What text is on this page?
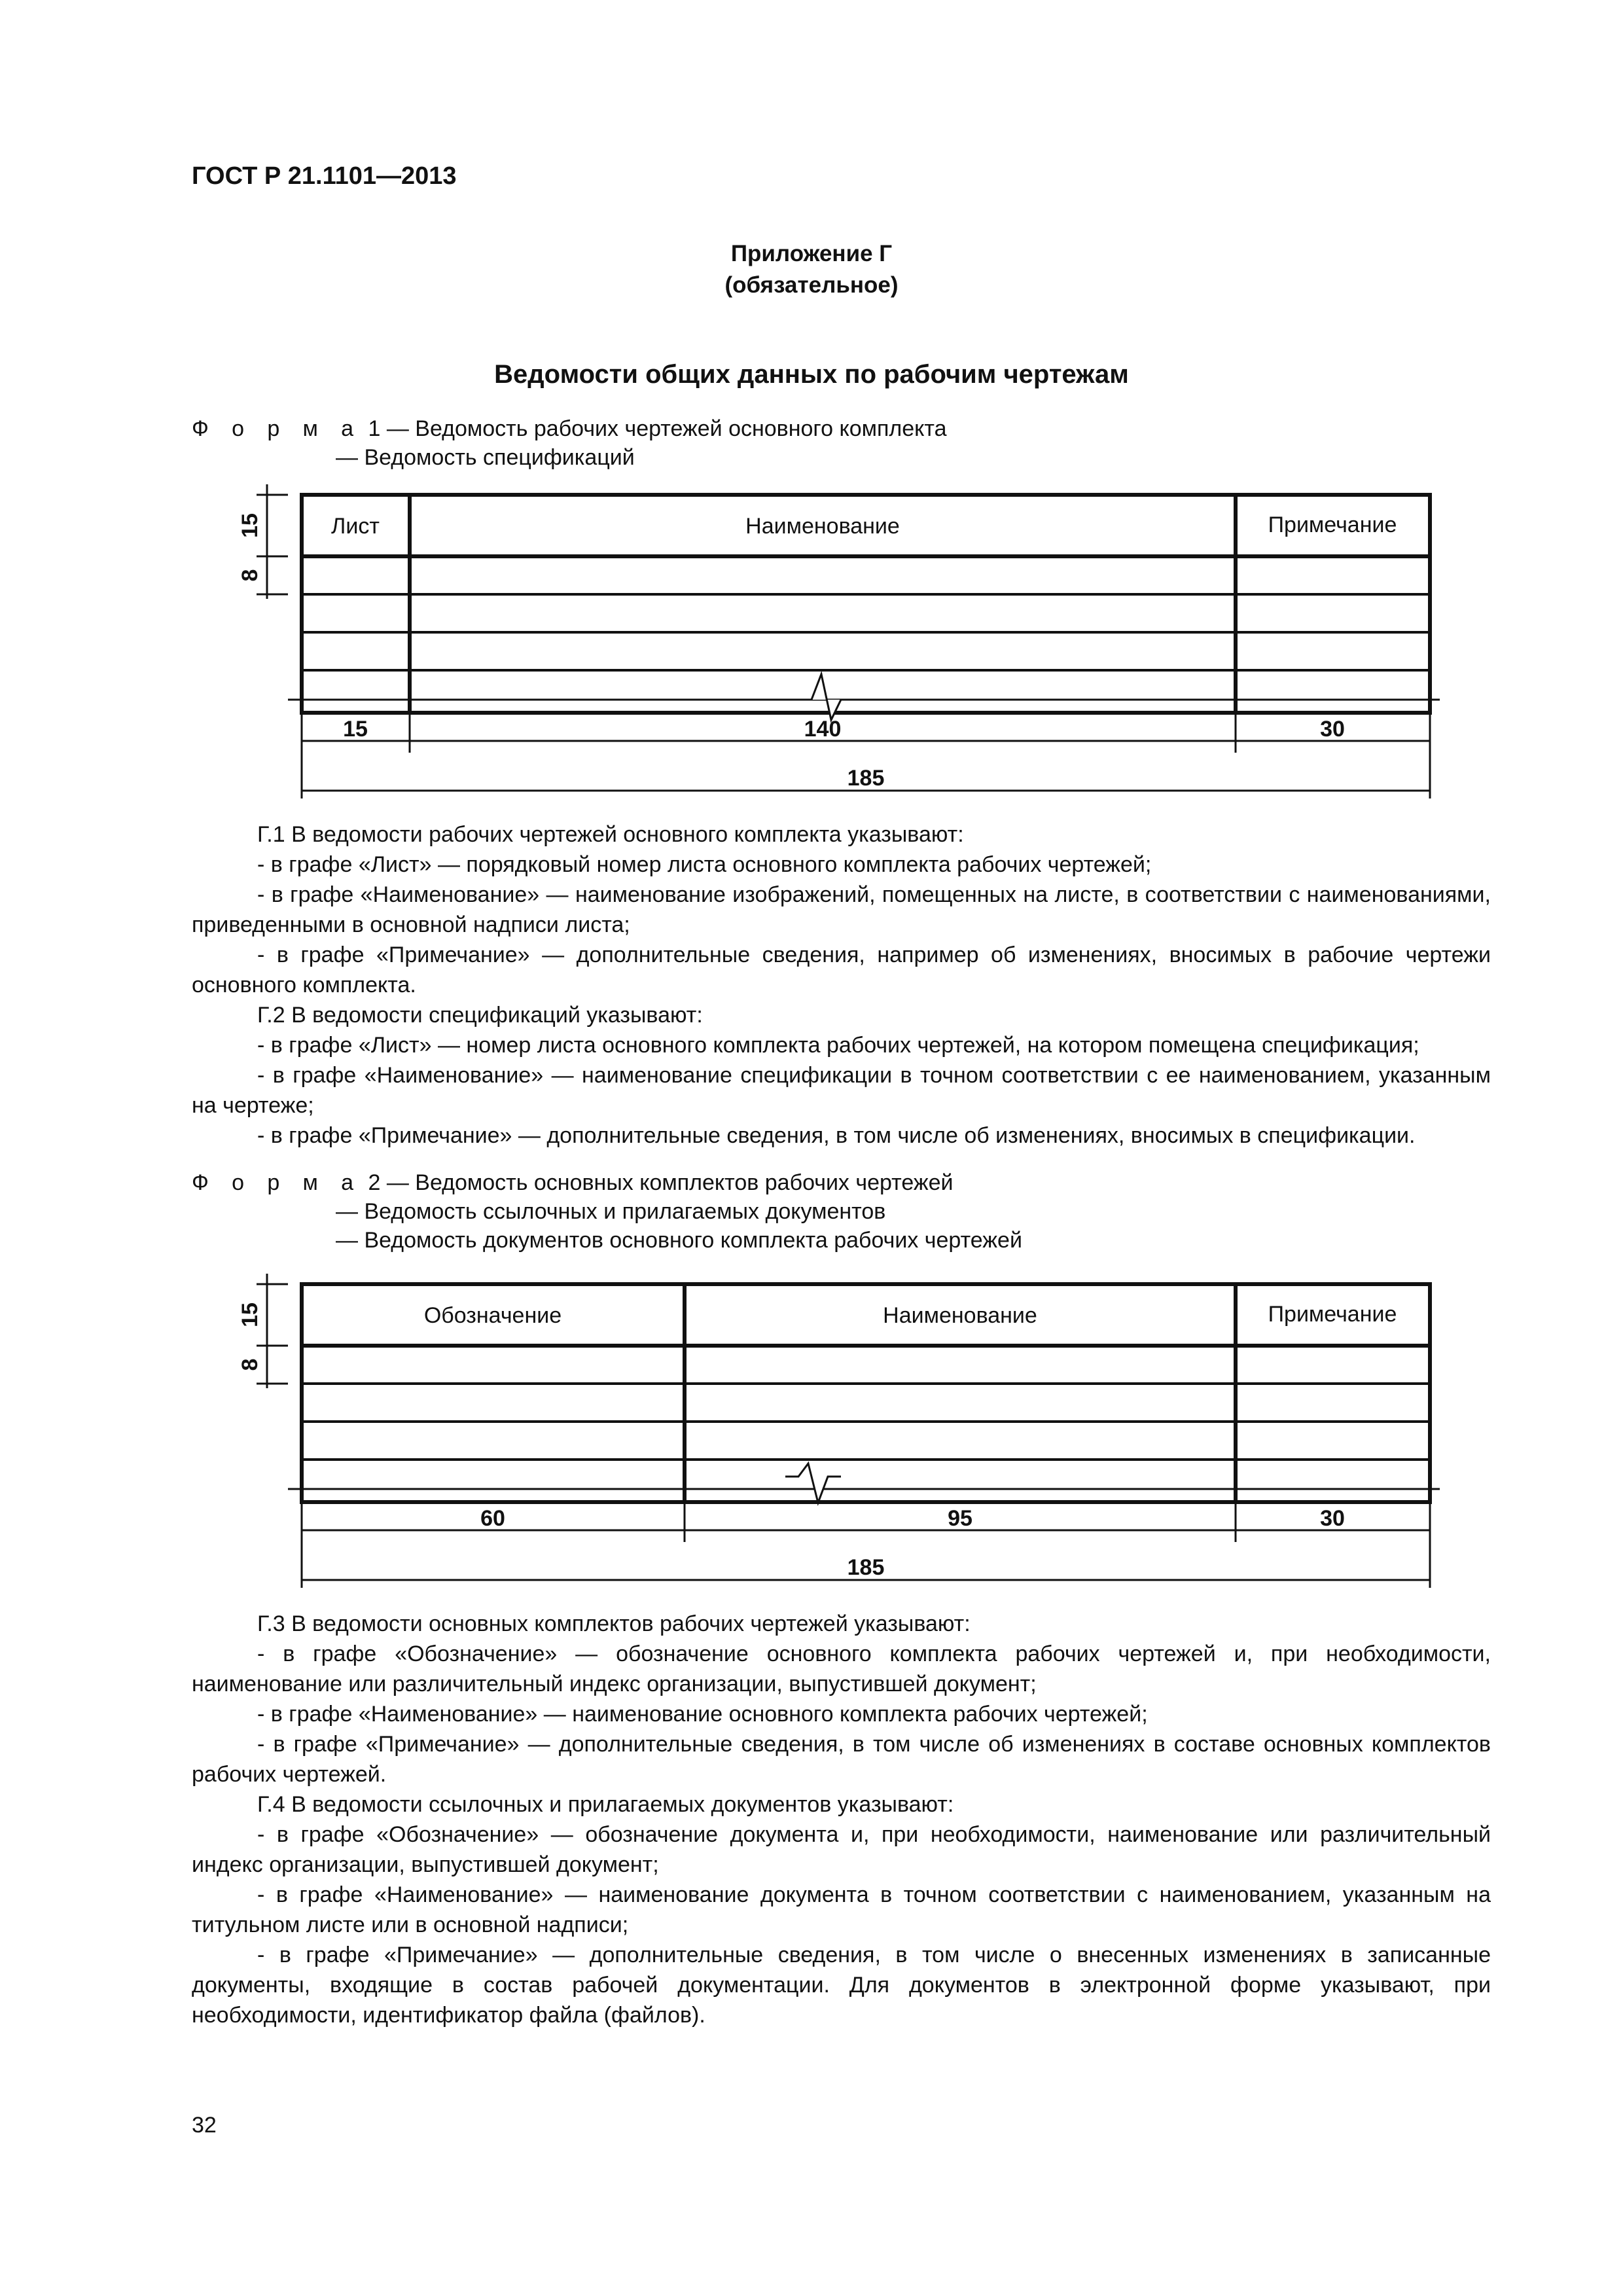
ГОСТ Р 21.1101—2013
Приложение Г
(обязательное)
Ведомости общих данных по рабочим чертежам
Ф о р м а 1 — Ведомость рабочих чертежей основного комплекта
— Ведомость спецификаций
Лист	Наименование	Примечание
15	140	30
185
15
8
Г.1 В ведомости рабочих чертежей основного комплекта указывают:
- в графе «Лист» — порядковый номер листа основного комплекта рабочих чертежей;
- в графе «Наименование» — наименование изображений, помещенных на листе, в соответствии с наименованиями, приведенными в основной надписи листа;
- в графе «Примечание» — дополнительные сведения, например об изменениях, вносимых в рабочие чертежи основного комплекта.
Г.2 В ведомости спецификаций указывают:
- в графе «Лист» — номер листа основного комплекта рабочих чертежей, на котором помещена спецификация;
- в графе «Наименование» — наименование спецификации в точном соответствии с ее наименованием, указанным на чертеже;
- в графе «Примечание» — дополнительные сведения, в том числе об изменениях, вносимых в спецификации.
Ф о р м а 2 — Ведомость основных комплектов рабочих чертежей
— Ведомость ссылочных и прилагаемых документов
— Ведомость документов основного комплекта рабочих чертежей
Обозначение	Наименование	Примечание
60	95	30
185
15
8
Г.3 В ведомости основных комплектов рабочих чертежей указывают:
- в графе «Обозначение» — обозначение основного комплекта рабочих чертежей и, при необходимости, наименование или различительный индекс организации, выпустившей документ;
- в графе «Наименование» — наименование основного комплекта рабочих чертежей;
- в графе «Примечание» — дополнительные сведения, в том числе об изменениях в составе основных комплектов рабочих чертежей.
Г.4 В ведомости ссылочных и прилагаемых документов указывают:
- в графе «Обозначение» — обозначение документа и, при необходимости, наименование или различительный индекс организации, выпустившей документ;
- в графе «Наименование» — наименование документа в точном соответствии с наименованием, указанным на титульном листе или в основной надписи;
- в графе «Примечание» — дополнительные сведения, в том числе о внесенных изменениях в записанные документы, входящие в состав рабочей документации. Для документов в электронной форме указывают, при необходимости, идентификатор файла (файлов).
32
